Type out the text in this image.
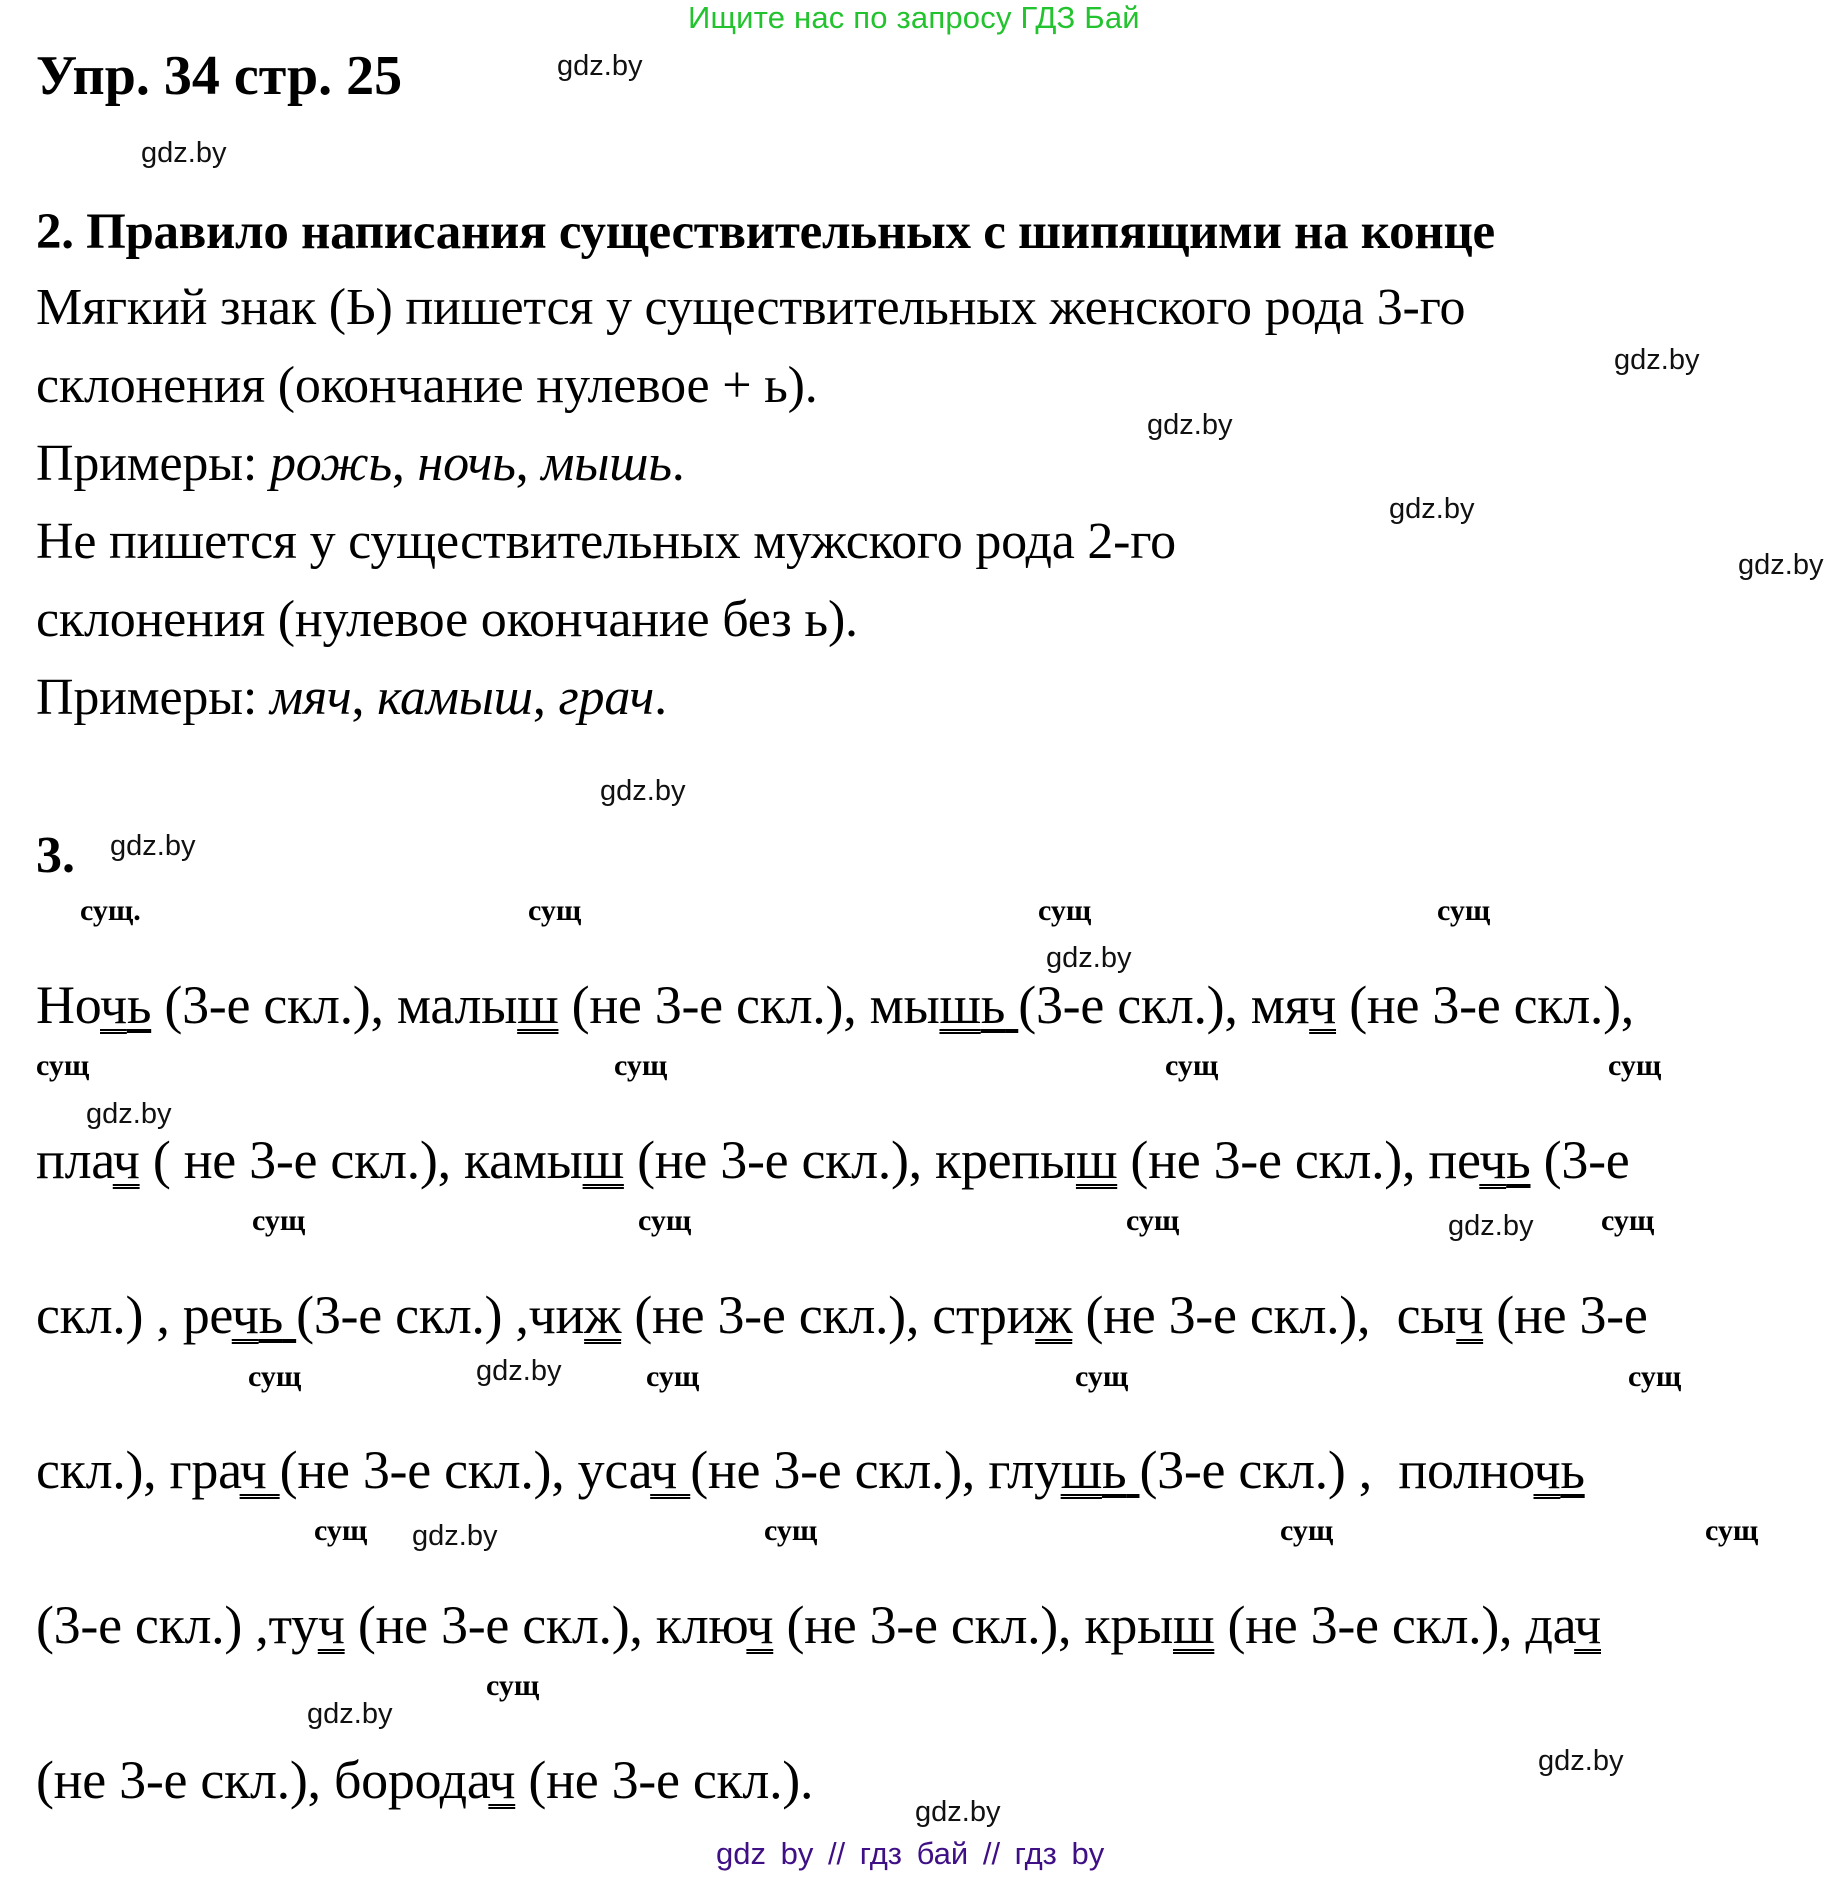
Ищите нас по запросу ГДЗ Бай
Упр. 34 стр. 25	gdz.by
gdz.by
gdz.by
gdz.by
gdz.by
gdz.by
gdz.by
gdz.by
gdz.by
gdz.by
gdz.by
gdz.by
gdz.by
gdz.by
gdz.by
gdz.by
2. Правило написания существительных с шипящими на конце
Мягкий знак (Ь) пишется у существительных женского рода 3-го
склонения (окончание нулевое + ь).
Примеры: рожь, ночь, мышь.
Не пишется у существительных мужского рода 2-го
склонения (нулевое окончание без ь).
Примеры: мяч, камыш, грач.
3.
сущ.	сущ	сущ	сущ
Ночь (3-е скл.), малыш (не 3-е скл.), мышь (3-е скл.), мяч (не 3-е скл.),
сущ	сущ	сущ	сущ
плач ( не 3-е скл.), камыш (не 3-е скл.), крепыш (не 3-е скл.), печь (3-е
сущ	сущ	сущ	сущ
скл.) , речь (3-е скл.) ,чиж (не 3-е скл.), стриж (не 3-е скл.),  сыч (не 3-е
сущ	сущ	сущ	сущ
скл.), грач (не 3-е скл.), усач (не 3-е скл.), глушь (3-е скл.) ,  полночь
сущ	сущ	сущ	сущ
(3-е скл.) ,туч (не 3-е скл.), ключ (не 3-е скл.), крыш (не 3-е скл.), дач
сущ
(не 3-е скл.), бородач (не 3-е скл.).
gdz by // гдз бай // гдз by
